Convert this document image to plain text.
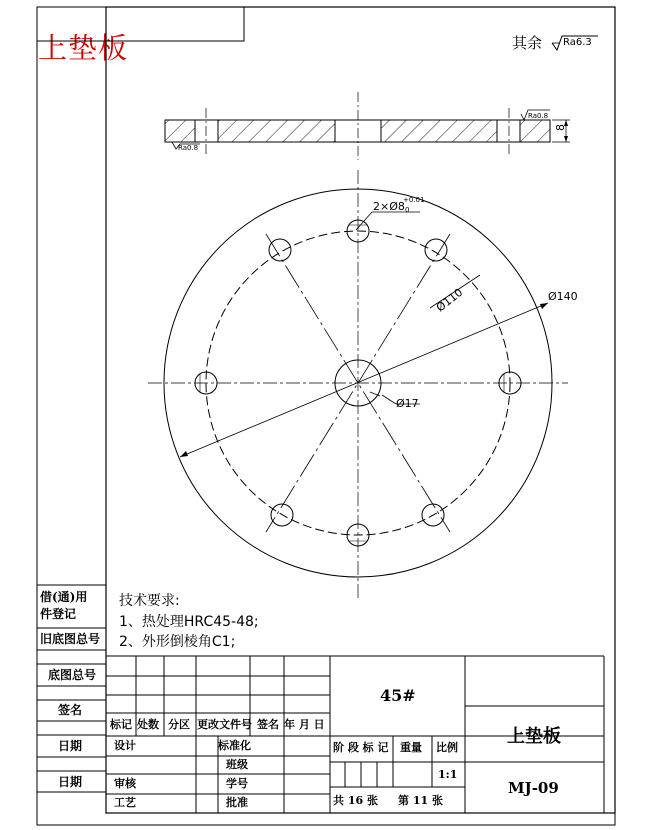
上垫板	其余 Ra6.3
8
Ra0.8
Ra0.8
2×Ø8
+0.01
0
Ø110	Ø140
Ø17
技术要求:
1、热处理HRC45-48;
2、外形倒棱角C1;
借(通)用
件登记
旧底图总号
底图总号
签名
日期
日期
45#
上垫板
MJ-09
标记 处数 分区 更改文件号 签名 年 月 日
设计	标准化
班级
审核	学号
工艺	批准
阶 段 标 记 重量 比例
1:1
共 16 张 第 11 张
